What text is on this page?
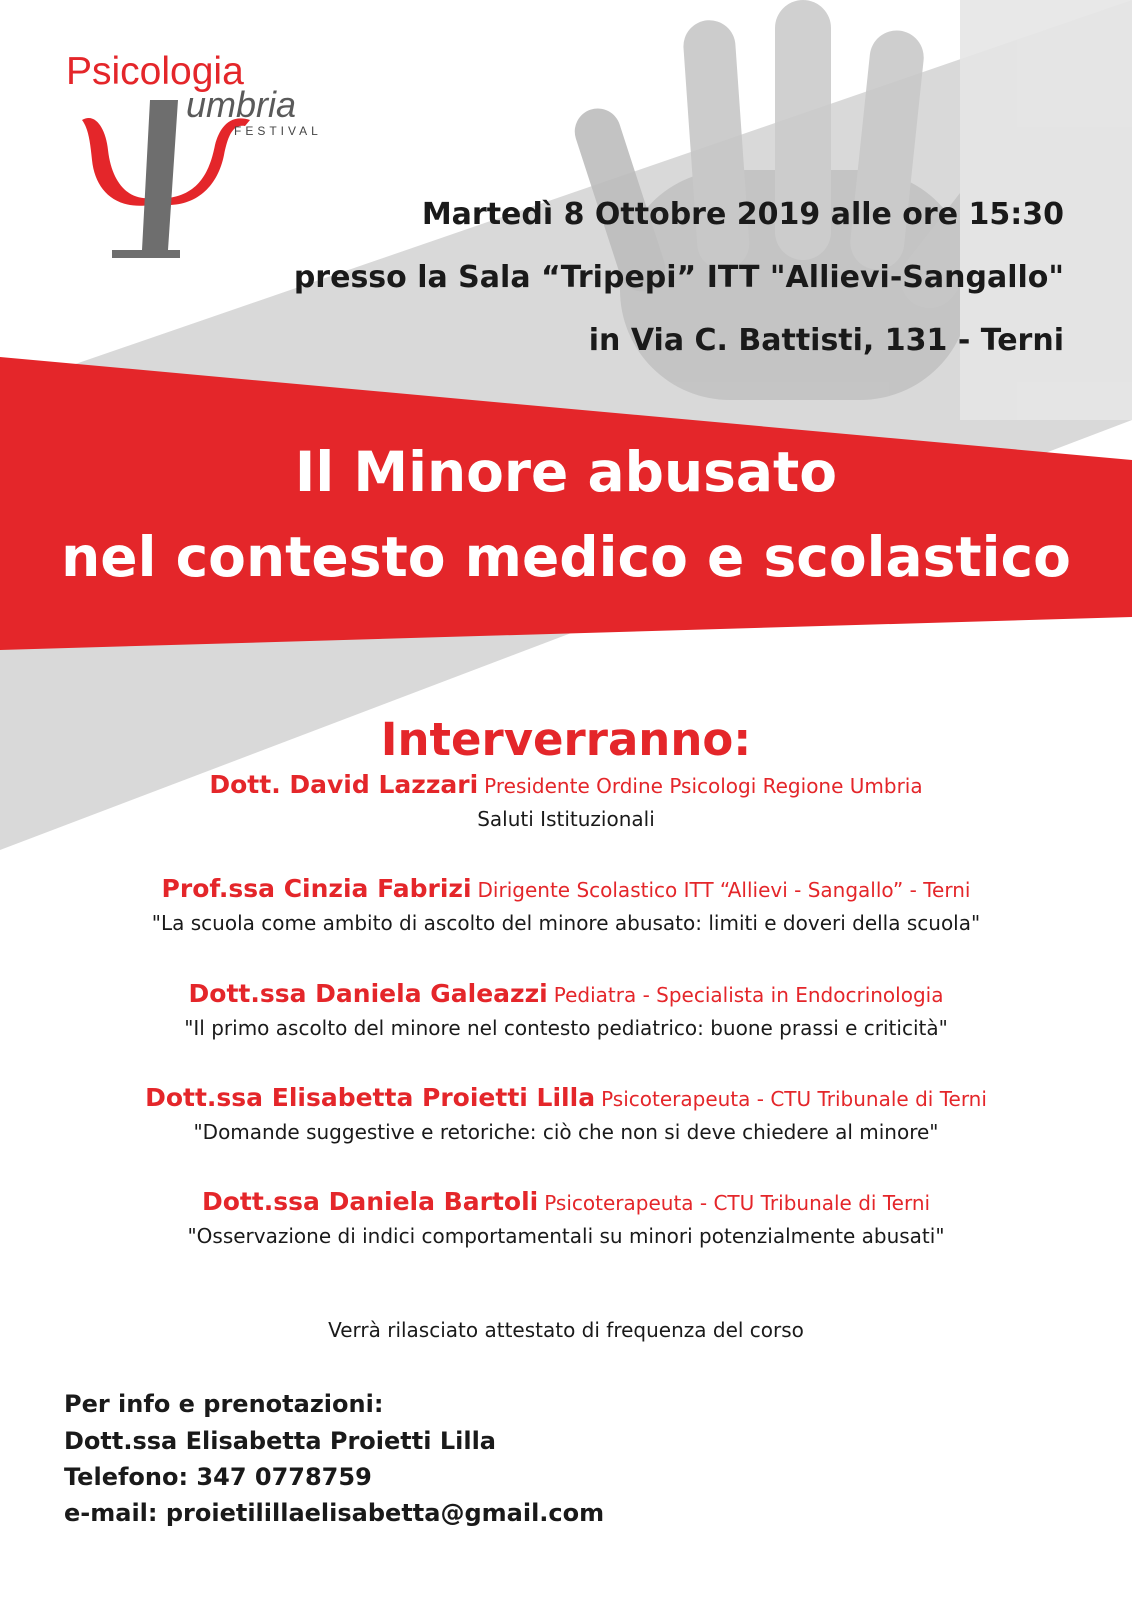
Psicologia
umbria
FESTIVAL
Martedì 8 Ottobre 2019 alle ore 15:30
presso la Sala “Tripepi” ITT "Allievi-Sangallo"
in Via C. Battisti, 131 - Terni
Il Minore abusato
nel contesto medico e scolastico
Interverranno:
Dott. David Lazzari Presidente Ordine Psicologi Regione Umbria
Saluti Istituzionali
Prof.ssa Cinzia Fabrizi Dirigente Scolastico ITT “Allievi - Sangallo” - Terni
"La scuola come ambito di ascolto del minore abusato: limiti e doveri della scuola"
Dott.ssa Daniela Galeazzi Pediatra - Specialista in Endocrinologia
"Il primo ascolto del minore nel contesto pediatrico: buone prassi e criticità"
Dott.ssa Elisabetta Proietti Lilla Psicoterapeuta - CTU Tribunale di Terni
"Domande suggestive e retoriche: ciò che non si deve chiedere al minore"
Dott.ssa Daniela Bartoli Psicoterapeuta - CTU Tribunale di Terni
"Osservazione di indici comportamentali su minori potenzialmente abusati"
Verrà rilasciato attestato di frequenza del corso
Per info e prenotazioni:
Dott.ssa Elisabetta Proietti Lilla
Telefono: 347 0778759
e-mail: proietililla​elisabetta@gmail.com
